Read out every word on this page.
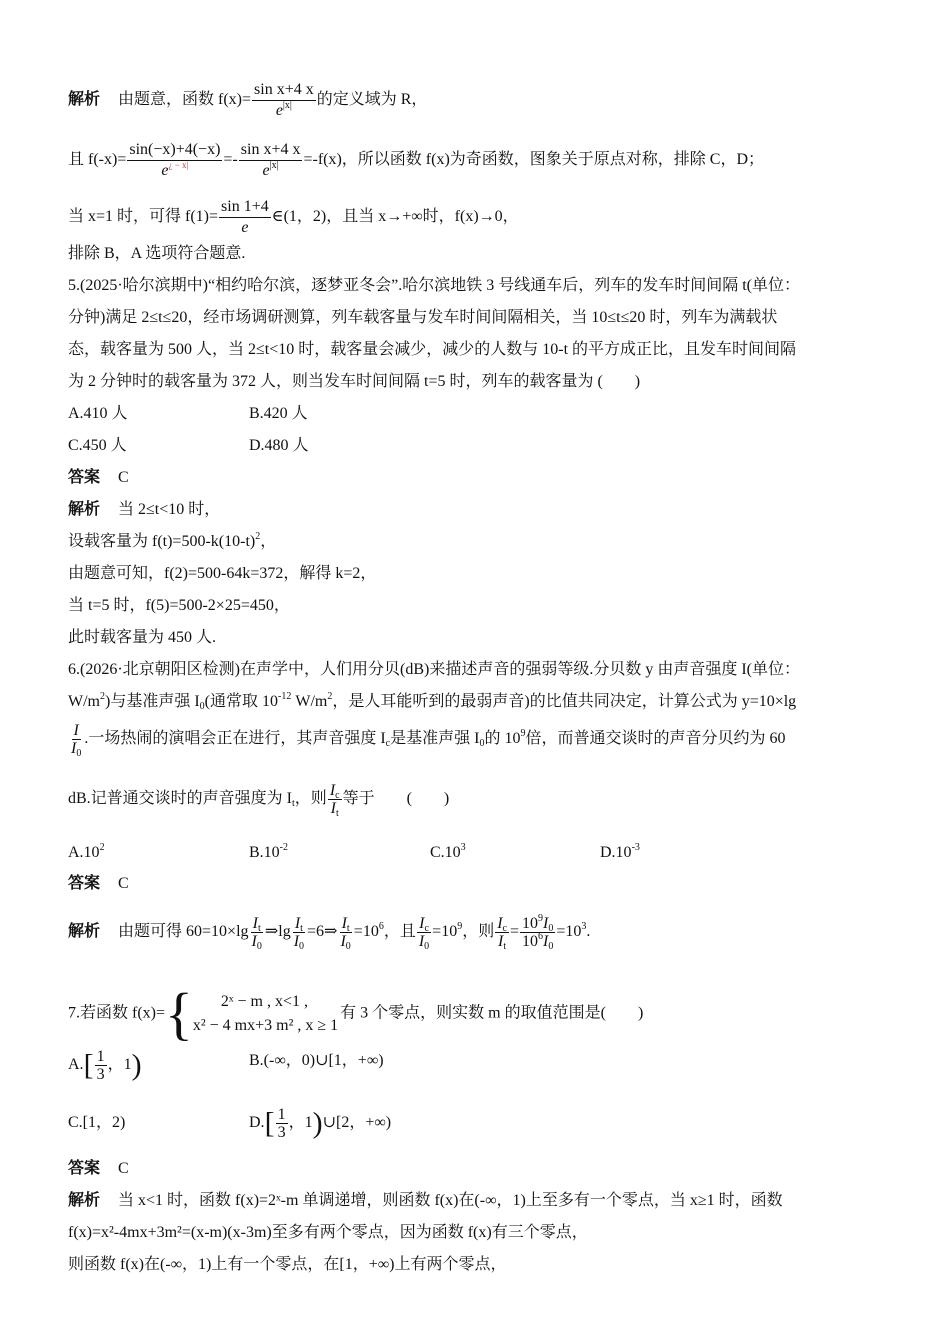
解析 由题意，函数 $f(x)= \frac{\text{sin x+4 x}}{e^{|x|}}$ 的定义域为 R，
且 $f(-x)= \frac{\sin(-x)+4(-x)}{e^{¿ - x|}} =- \frac{\text{sin x+4 x}}{e^{|x|}} =-f(x)$，所以函数 f(x)为奇函数，图象关于原点对称，排除 C，D；
当 x=1 时，可得 $f(1)= \frac{\sin 1+4}{e}$ ∈(1，2)，且当 x→+∞时，f(x)→0，
排除 B，A 选项符合题意.
5.(2025·哈尔滨期中)“相约哈尔滨，逐梦亚冬会”.哈尔滨地铁 3 号线通车后，列车的发车时间间隔 t(单位：
分钟)满足 2≤t≤20，经市场调研测算，列车载客量与发车时间间隔相关，当 10≤t≤20 时，列车为满载状
态，载客量为 500 人，当 2≤t<10 时，载客量会减少，减少的人数与 10-t 的平方成正比，且发车时间间隔
为 2 分钟时的载客量为 372 人，则当发车时间间隔 t=5 时，列车的载客量为 (　　)
A.410 人	B.420 人
C.450 人	D.480 人
答案 C
解析 当 2≤t<10 时，
设载客量为 $f(t)=500-k(10-t)^2$，
由题意可知，f(2)=500-64k=372，解得 k=2，
当 t=5 时，f(5)=500-2×25=450，
此时载客量为 450 人.
6.(2026·北京朝阳区检测)在声学中，人们用分贝(dB)来描述声音的强弱等级.分贝数 y 由声音强度 I(单位：
$W/m^2$)与基准声强 $I_0$(通常取 $10^{-12}$ $W/m^2$，是人耳能听到的最弱声音)的比值共同决定，计算公式为 y=10×lg
$\frac{I}{I_0}$ .一场热闹的演唱会正在进行，其声音强度 $I_c$是基准声强 $I_0$的 $10^9$倍，而普通交谈时的声音分贝约为 60
dB.记普通交谈时的声音强度为 $I_t$，则 $\frac{I_c}{I_t}$ 等于　　(　　)
$A.10^2$	$B.10^{-2}$	$C.10^3$	$D.10^{-3}$
答案 C
解析 由题可得 $60=10\times\lg \frac{I_t}{I_0}$ ⇒lg $\frac{I_t}{I_0}$ =6⇒ $\frac{I_t}{I_0} =10^6$，且 $\frac{I_c}{I_0} =10^9$，则 $\frac{I_c}{I_t} = \frac{10^9I_0}{10^6I_0} =10^3$.
7.若函数 f(x)={	2ˣ − m , x<1 ,
x² − 4 mx+3 m² , x ≥ 1
有 3 个零点，则实数 m 的取值范围是(　　)
$A.[ \frac{1}{3}$ ，1)	B.(-∞，0)∪[1，+∞)
C.[1，2)	$D.[ \frac{1}{3}$ ，1)∪[2，+∞)
答案 C
解析 当 x<1 时，函数 f(x)=2ˣ-m 单调递增，则函数 f(x)在(-∞，1)上至多有一个零点，当 x≥1 时，函数
f(x)=x²-4mx+3m²=(x-m)(x-3m)至多有两个零点，因为函数 f(x)有三个零点，
则函数 f(x)在(-∞，1)上有一个零点，在[1，+∞)上有两个零点，
